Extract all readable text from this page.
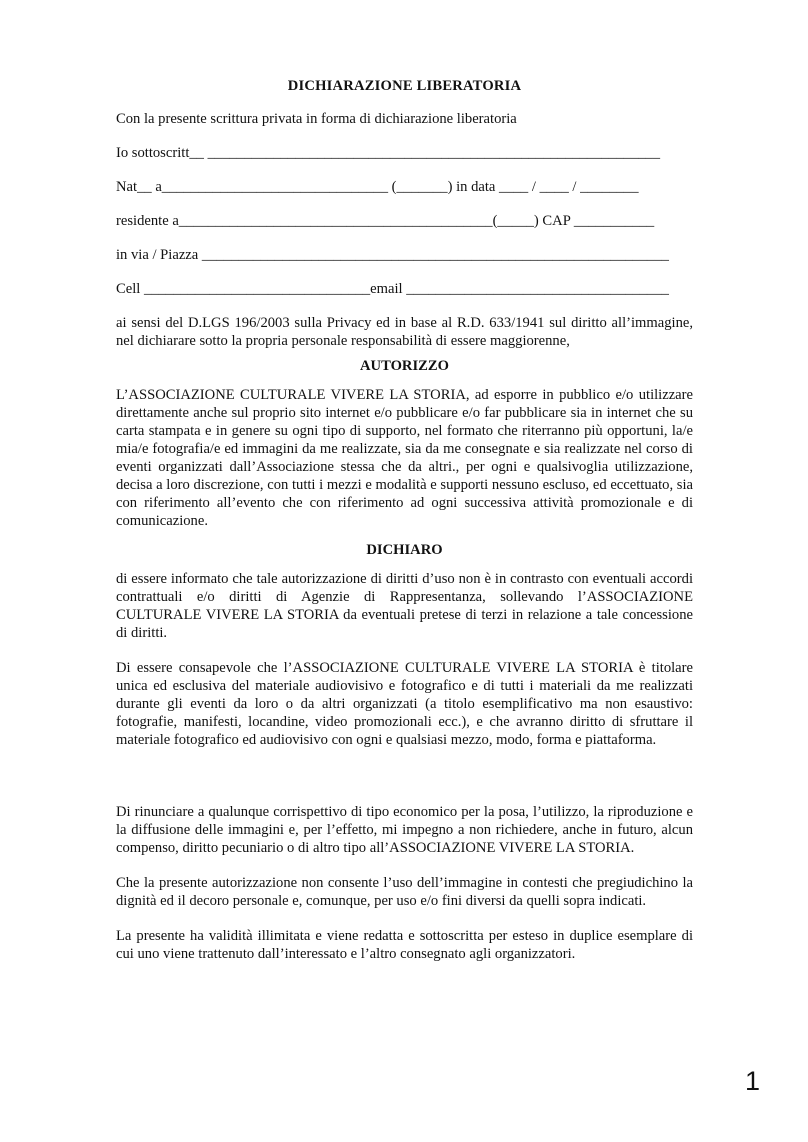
DICHIARAZIONE LIBERATORIA

Con la presente scrittura privata in forma di dichiarazione liberatoria

Io sottoscritt__ ______________________________________________________________

Nat__ a_______________________________ (_______) in data ____ / ____ / ________

residente a___________________________________________(_____) CAP ___________

in via / Piazza ________________________________________________________________

Cell _______________________________email ____________________________________

ai sensi del D.LGS 196/2003 sulla Privacy ed in base al R.D. 633/1941 sul diritto all’immagine, nel dichiarare sotto la propria personale responsabilità di essere maggiorenne,

AUTORIZZO

L’ASSOCIAZIONE CULTURALE VIVERE LA STORIA, ad esporre in pubblico e/o utilizzare direttamente anche sul proprio sito internet e/o pubblicare e/o far pubblicare sia in internet che su carta stampata e in genere su ogni tipo di supporto, nel formato che riterranno più opportuni, la/e mia/e fotografia/e ed immagini da me realizzate, sia da me consegnate e sia realizzate nel corso di eventi organizzati dall’Associazione stessa che da altri., per ogni e qualsivoglia utilizzazione, decisa a loro discrezione, con tutti i mezzi e modalità e supporti nessuno escluso, ed eccettuato, sia con riferimento all’evento che con riferimento ad ogni successiva attività promozionale e di comunicazione.

DICHIARO

di essere informato che tale autorizzazione di diritti d’uso non è in contrasto con eventuali accordi contrattuali e/o diritti di Agenzie di Rappresentanza, sollevando l’ASSOCIAZIONE CULTURALE VIVERE LA STORIA da eventuali pretese di terzi in relazione a tale concessione di diritti.

Di essere consapevole che l’ASSOCIAZIONE CULTURALE VIVERE LA STORIA è titolare unica ed esclusiva del materiale audiovisivo e fotografico e di tutti i materiali da me realizzati durante gli eventi da loro o da altri organizzati (a titolo esemplificativo ma non esaustivo: fotografie, manifesti, locandine, video promozionali ecc.), e che avranno diritto di sfruttare il materiale fotografico ed audiovisivo con ogni e qualsiasi mezzo, modo, forma e piattaforma.

Di rinunciare a qualunque corrispettivo di tipo economico per la posa, l’utilizzo, la riproduzione e la diffusione delle immagini e, per l’effetto, mi impegno a non richiedere, anche in futuro, alcun compenso, diritto pecuniario o di altro tipo all’ASSOCIAZIONE VIVERE LA STORIA.

Che la presente autorizzazione non consente l’uso dell’immagine in contesti che pregiudichino la dignità ed il decoro personale e, comunque, per uso e/o fini diversi da quelli sopra indicati.

La presente ha validità illimitata e viene redatta e sottoscritta per esteso in duplice esemplare di cui uno viene trattenuto dall’interessato e l’altro consegnato agli organizzatori.

1
